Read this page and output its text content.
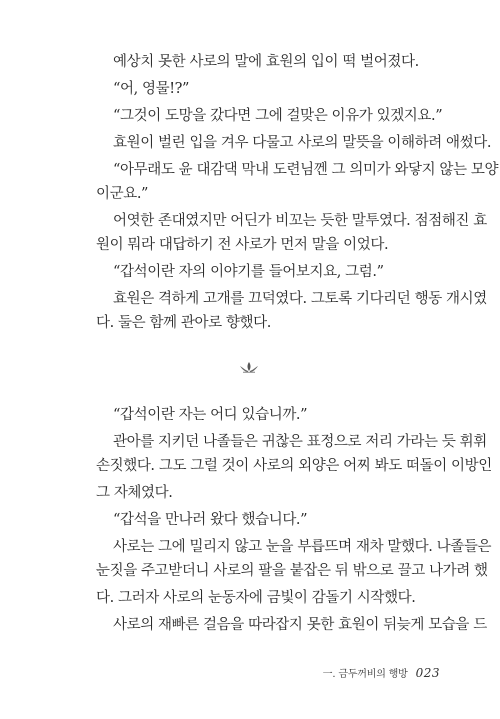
예상치 못한 사로의 말에 효원의 입이 떡 벌어졌다.
“어, 영물!?”
“그것이 도망을 갔다면 그에 걸맞은 이유가 있겠지요.”
효원이 벌린 입을 겨우 다물고 사로의 말뜻을 이해하려 애썼다.
“아무래도 윤 대감댁 막내 도련님껜 그 의미가 와닿지 않는 모양
이군요.”
어엿한 존대였지만 어딘가 비꼬는 듯한 말투였다. 점점해진 효
원이 뭐라 대답하기 전 사로가 먼저 말을 이었다.
“갑석이란 자의 이야기를 들어보지요, 그럼.”
효원은 격하게 고개를 끄덕였다. 그토록 기다리던 행동 개시였
다. 둘은 함께 관아로 향했다.
“갑석이란 자는 어디 있습니까.”
관아를 지키던 나졸들은 귀찮은 표정으로 저리 가라는 듯 휘휘
손짓했다. 그도 그럴 것이 사로의 외양은 어찌 봐도 떠돌이 이방인
그 자체였다.
“갑석을 만나러 왔다 했습니다.”
사로는 그에 밀리지 않고 눈을 부릅뜨며 재차 말했다. 나졸들은
눈짓을 주고받더니 사로의 팔을 붙잡은 뒤 밖으로 끌고 나가려 했
다. 그러자 사로의 눈동자에 금빛이 감돌기 시작했다.
사로의 재빠른 걸음을 따라잡지 못한 효원이 뒤늦게 모습을 드
一. 금두꺼비의 행방 023
